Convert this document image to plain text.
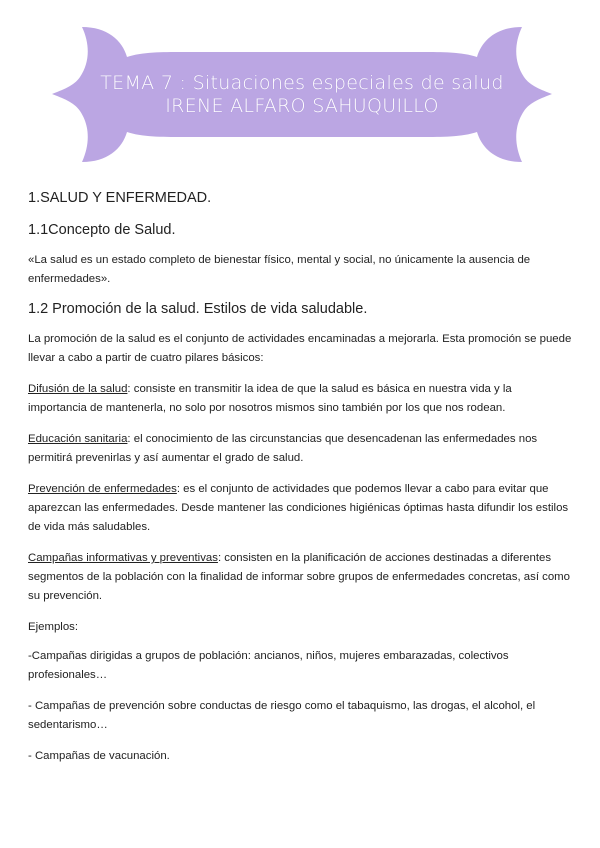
TEMA 7 : Situaciones especiales de salud
IRENE ALFARO SAHUQUILLO
1.SALUD Y ENFERMEDAD.
1.1Concepto de Salud.

«La salud es un estado completo de bienestar físico, mental y social, no únicamente la ausencia de enfermedades».

1.2 Promoción de la salud. Estilos de vida saludable.

La promoción de la salud es el conjunto de actividades encaminadas a mejorarla. Esta promoción se puede llevar a cabo a partir de cuatro pilares básicos:

Difusión de la salud: consiste en transmitir la idea de que la salud es básica en nuestra vida y la importancia de mantenerla, no solo por nosotros mismos sino también por los que nos rodean.

Educación sanitaria: el conocimiento de las circunstancias que desencadenan las enfermedades nos permitirá prevenirlas y así aumentar el grado de salud.

Prevención de enfermedades: es el conjunto de actividades que podemos llevar a cabo para evitar que aparezcan las enfermedades. Desde mantener las condiciones higiénicas óptimas hasta difundir los estilos de vida más saludables.

Campañas informativas y preventivas: consisten en la planificación de acciones destinadas a diferentes segmentos de la población con la finalidad de informar sobre grupos de enfermedades concretas, así como su prevención.

Ejemplos:

-Campañas dirigidas a grupos de población: ancianos, niños, mujeres embarazadas, colectivos profesionales…

- Campañas de prevención sobre conductas de riesgo como el tabaquismo, las drogas, el alcohol, el sedentarismo…

- Campañas de vacunación.
